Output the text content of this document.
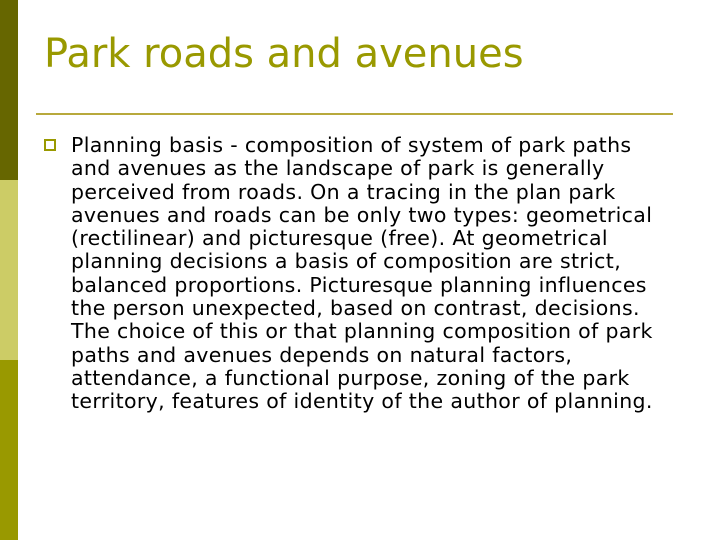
Park roads and avenues

Planning basis - composition of system of park paths and avenues as the landscape of park is generally perceived from roads. On a tracing in the plan park avenues and roads can be only two types: geometrical (rectilinear) and picturesque (free). At geometrical planning decisions a basis of composition are strict, balanced proportions. Picturesque planning influences the person unexpected, based on contrast, decisions. The choice of this or that planning composition of park paths and avenues depends on natural factors, attendance, a functional purpose, zoning of the park territory, features of identity of the author of planning.
